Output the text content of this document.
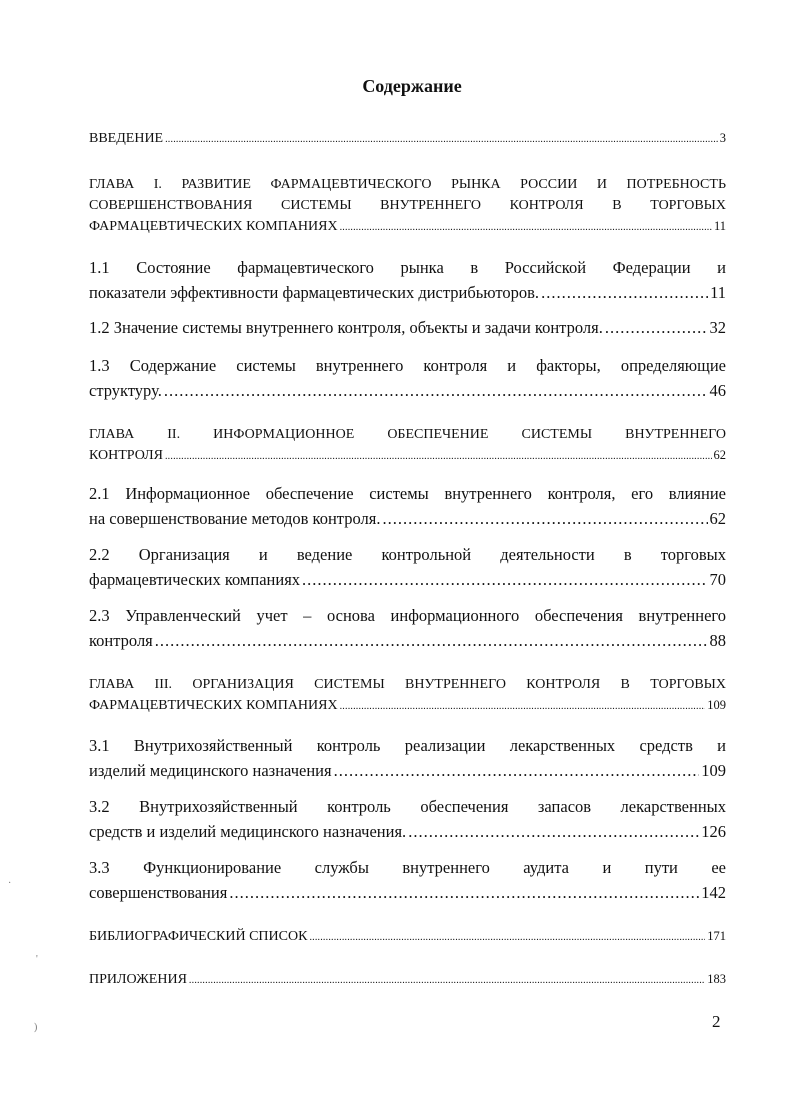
Содержание
ВВЕДЕНИЕ .....	3
ГЛАВА I. РАЗВИТИЕ ФАРМАЦЕВТИЧЕСКОГО РЫНКА РОССИИ И ПОТРЕБНОСТЬ
СОВЕРШЕНСТВОВАНИЯ СИСТЕМЫ ВНУТРЕННЕГО КОНТРОЛЯ В ТОРГОВЫХ
ФАРМАЦЕВТИЧЕСКИХ КОМПАНИЯХ .....	11
1.1 Состояние фармацевтического рынка в Российской Федерации и
показатели эффективности фармацевтических дистрибьюторов. .....	11
1.2 Значение системы внутреннего контроля, объекты и задачи контроля. .....	32
1.3 Содержание системы внутреннего контроля и факторы, определяющие
структуру. .....	46
ГЛАВА II. ИНФОРМАЦИОННОЕ ОБЕСПЕЧЕНИЕ СИСТЕМЫ ВНУТРЕННЕГО
КОНТРОЛЯ .....	62
2.1 Информационное обеспечение системы внутреннего контроля, его влияние
на совершенствование методов контроля. .....	62
2.2 Организация и ведение контрольной деятельности в торговых
фармацевтических компаниях .....	70
2.3 Управленческий учет – основа информационного обеспечения внутреннего
контроля .....	88
ГЛАВА III. ОРГАНИЗАЦИЯ СИСТЕМЫ ВНУТРЕННЕГО КОНТРОЛЯ В ТОРГОВЫХ
ФАРМАЦЕВТИЧЕСКИХ КОМПАНИЯХ .....	109
3.1 Внутрихозяйственный контроль реализации лекарственных средств и
изделий медицинского назначения .....	109
3.2 Внутрихозяйственный контроль обеспечения запасов лекарственных
средств и изделий медицинского назначения. .....	126
3.3 Функционирование службы внутреннего аудита и пути ее
совершенствования .....	142
БИБЛИОГРАФИЧЕСКИЙ СПИСОК .....	171
ПРИЛОЖЕНИЯ .....	183
2
·
'
)
